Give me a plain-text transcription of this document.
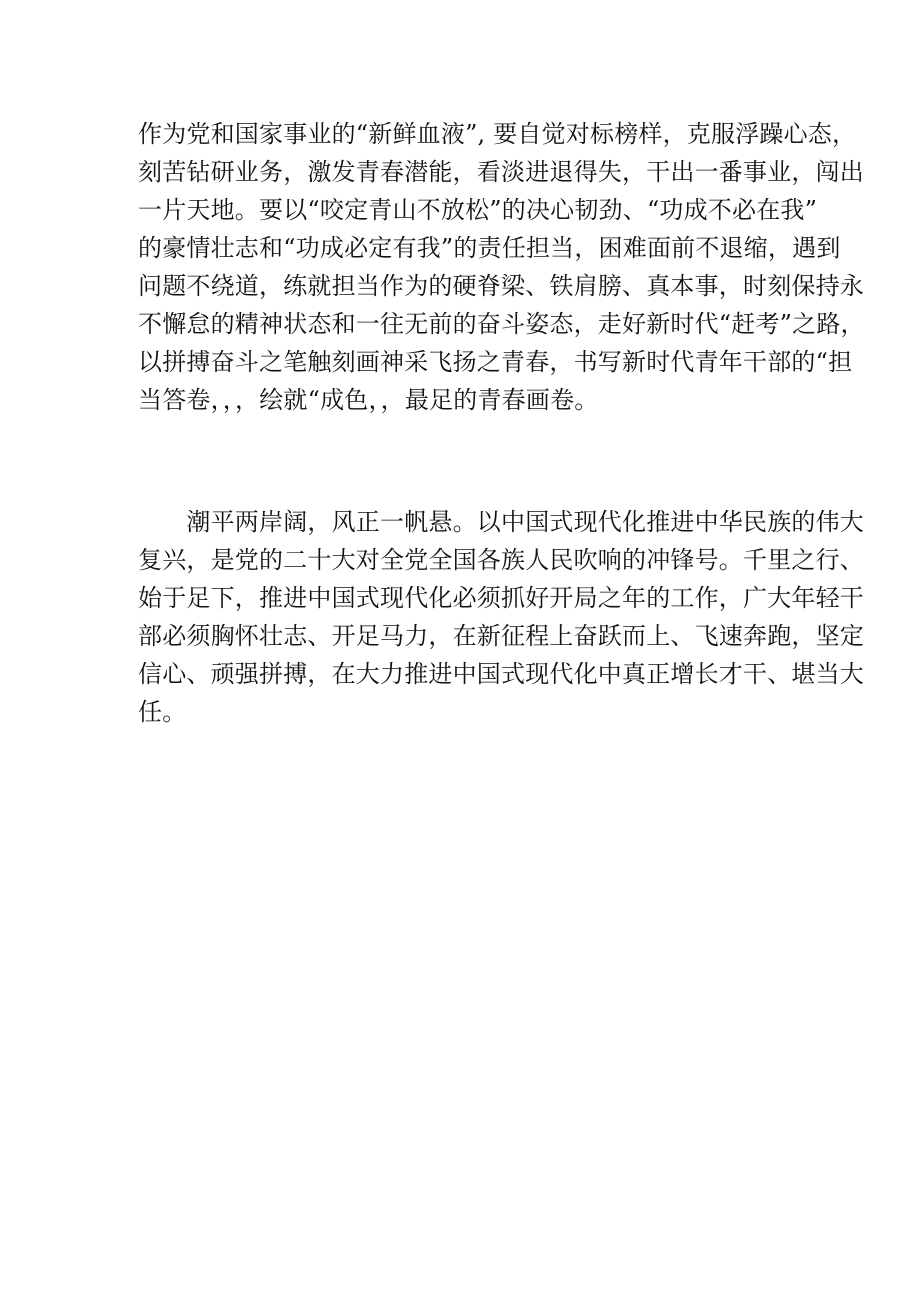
作为党和国家事业的“新鲜血液”, 要自觉对标榜样，克服浮躁心态，
刻苦钻研业务，激发青春潜能，看淡进退得失，干出一番事业，闯出
一片天地。要以“咬定青山不放松”的决心韧劲、“功成不必在我”
的豪情壮志和“功成必定有我”的责任担当，困难面前不退缩，遇到
问题不绕道，练就担当作为的硬脊梁、铁肩膀、真本事，时刻保持永
不懈怠的精神状态和一往无前的奋斗姿态，走好新时代“赶考”之路，
以拼搏奋斗之笔触刻画神采飞扬之青春，书写新时代青年干部的“担
当答卷，，，绘就“成色，，最足的青春画卷。

　　潮平两岸阔，风正一帆悬。以中国式现代化推进中华民族的伟大
复兴，是党的二十大对全党全国各族人民吹响的冲锋号。千里之行、
始于足下，推进中国式现代化必须抓好开局之年的工作，广大年轻干
部必须胸怀壮志、开足马力，在新征程上奋跃而上、飞速奔跑，坚定
信心、顽强拼搏，在大力推进中国式现代化中真正增长才干、堪当大
任。
